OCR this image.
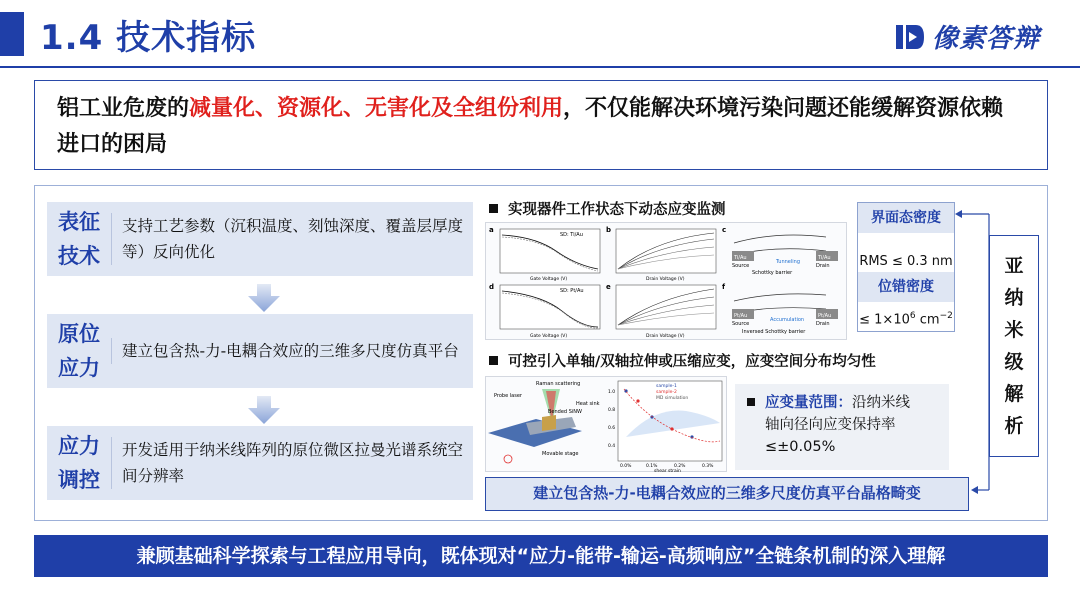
1.4 技术指标	像素答辩

铝工业危废的减量化、资源化、无害化及全组份利用，不仅能解决环境污染问题还能缓解资源依赖进口的困局

表征
技术
支持工艺参数（沉积温度、刻蚀深度、覆盖层厚度等）反向优化
原位
应力
建立包含热-力-电耦合效应的三维多尺度仿真平台
应力
调控
开发适用于纳米线阵列的原位微区拉曼光谱系统空间分辨率
实现器件工作状态下动态应变监测
a
SD: Ti/Au
Gate Voltage (V)
b
Drain Voltage (V)
c
Ti/Au	Ti/Au
Source
Tunneling
Drain
Schottky barrier
d	SD: Pt/Au
Gate Voltage (V)
e
Drain Voltage (V)
f
Pt/Au	Pt/Au
Source
Accumulation
Drain
Inversed Schottky barrier
界面态密度
RMS ≤ 0.3 nm
位错密度
≤ $1\times 10^6$ $cm^{-2}$
亚
纳
米
级
解
析
可控引入单轴/双轴拉伸或压缩应变，应变空间分布均匀性
Raman scattering
Probe laser
Heat sink
Bended SiNW
Movable stage
sample-1
sample-2
MD simulation
1.0
0.8
0.6
0.4
0.0%	0.1%	0.2%	0.3%
shear strain

应变量范围：沿纳米线

轴向径向应变保持率

≤±0.05%

建立包含热-力-电耦合效应的三维多尺度仿真平台晶格畸变
兼顾基础科学探索与工程应用导向，既体现对“应力-能带-输运-高频响应”全链条机制的深入理解
